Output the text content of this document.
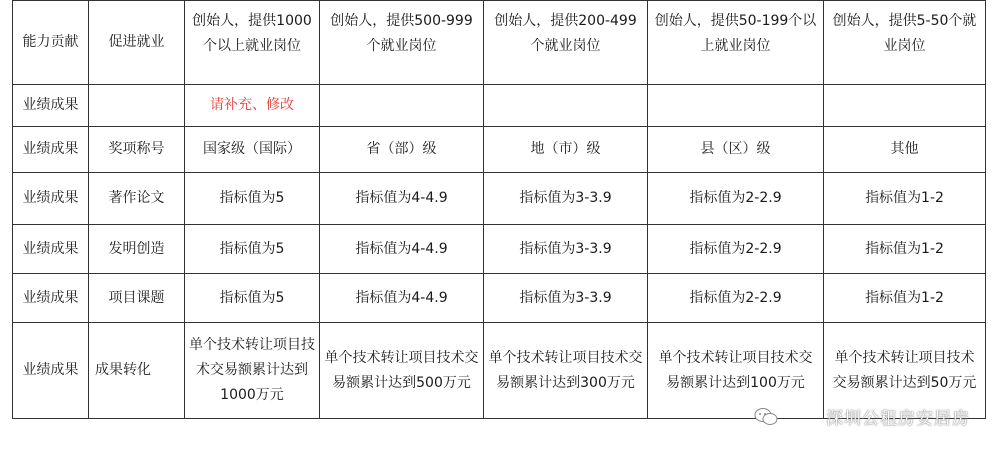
能力贡献	促进就业	创始人，提供1000个以上就业岗位	创始人，提供500-999个就业岗位	创始人，提供200-499个就业岗位	创始人，提供50-199个以上就业岗位	创始人，提供5-50个就业岗位
业绩成果		请补充、修改				
业绩成果	奖项称号	国家级（国际）	省（部）级	地（市）级	县（区）级	其他
业绩成果	著作论文	指标值为5	指标值为4-4.9	指标值为3-3.9	指标值为2-2.9	指标值为1-2
业绩成果	发明创造	指标值为5	指标值为4-4.9	指标值为3-3.9	指标值为2-2.9	指标值为1-2
业绩成果	项目课题	指标值为5	指标值为4-4.9	指标值为3-3.9	指标值为2-2.9	指标值为1-2
业绩成果	成果转化	单个技术转让项目技术交易额累计达到1000万元	单个技术转让项目技术交易额累计达到500万元	单个技术转让项目技术交易额累计达到300万元	单个技术转让项目技术交易额累计达到100万元	单个技术转让项目技术交易额累计达到50万元
深圳公租房安居房
